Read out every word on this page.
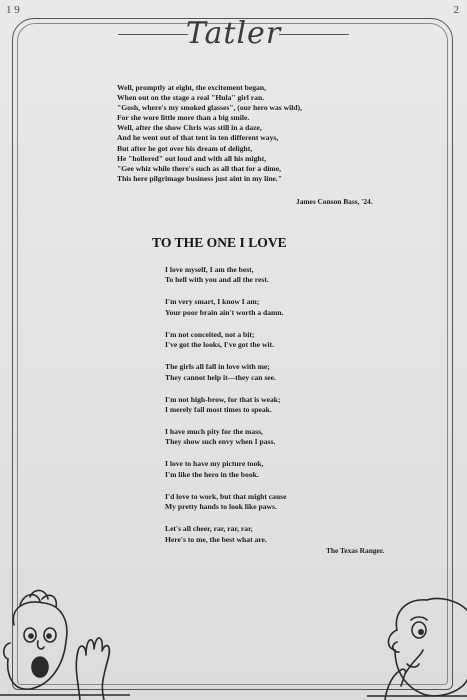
1 9	2
Tatler
Well, promptly at eight, the excitement began,
When out on the stage a real "Hula" girl ran.
"Gosh, where's my smoked glasses", (our hero was wild),
For she wore little more than a big smile.
Well, after the show Chris was still in a daze,
And he went out of that tent in ten different ways,
But after he got over his dream of delight,
He "hollered" out loud and with all his might,
"Gee whiz while there's such as all that for a dime,
This here pilgrimage business just aint in my line."
James Conson Bass, '24.
TO THE ONE I LOVE
I love myself, I am the best,
To hell with you and all the rest.
I'm very smart, I know I am;
Your poor brain ain't worth a damn.
I'm not conceited, not a bit;
I've got the looks, I've got the wit.
The girls all fall in love with me;
They cannot help it—they can see.
I'm not high-brow, for that is weak;
I merely fail most times to speak.
I have much pity for the mass,
They show such envy when I pass.
I love to have my picture took,
I'm like the hero in the book.
I'd love to work, but that might cause
My pretty hands to look like paws.
Let's all cheer, rar, rar, rar,
Here's to me, the best what are.
The Texas Ranger.
